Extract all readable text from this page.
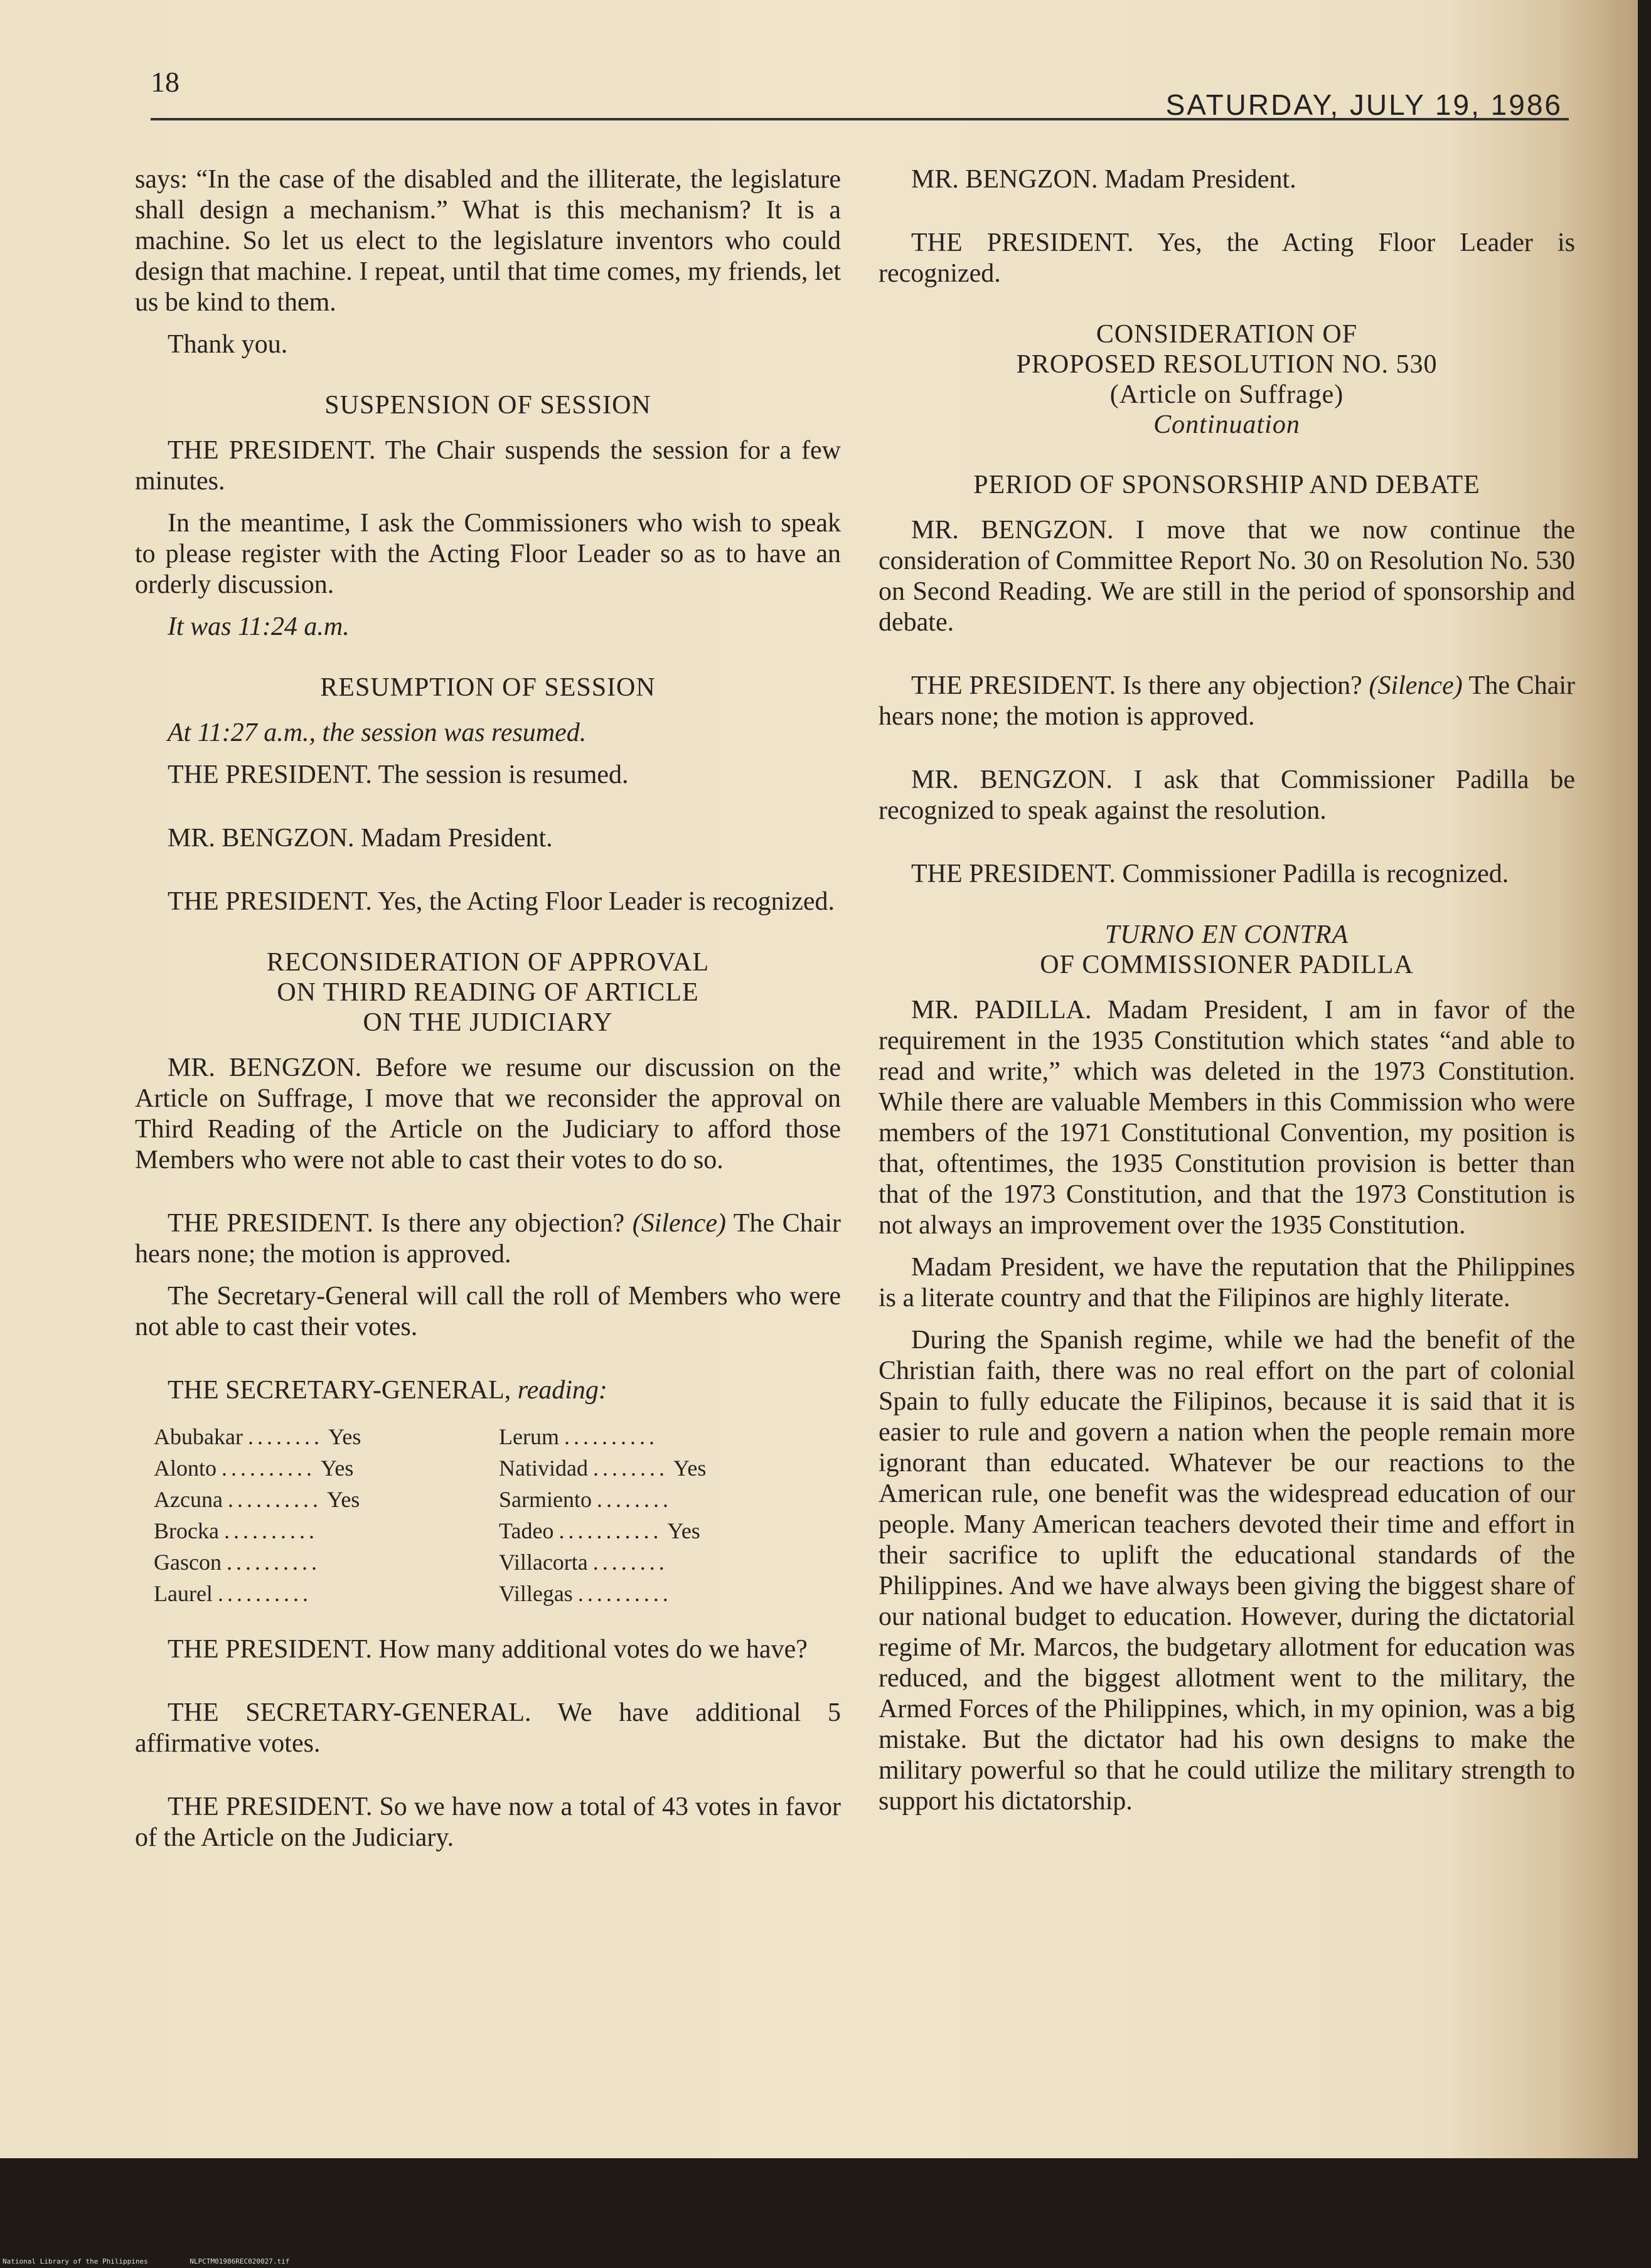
18
SATURDAY, JULY 19, 1986

says: “In the case of the disabled and the illiterate, the legislature shall design a mechanism.” What is this mechanism? It is a machine. So let us elect to the legislature inventors who could design that machine. I repeat, until that time comes, my friends, let us be kind to them.

Thank you.

SUSPENSION OF SESSION

THE PRESIDENT. The Chair suspends the session for a few minutes.

In the meantime, I ask the Commissioners who wish to speak to please register with the Acting Floor Leader so as to have an orderly discussion.

It was 11:24 a.m.

RESUMPTION OF SESSION

At 11:27 a.m., the session was resumed.

THE PRESIDENT. The session is resumed.

MR. BENGZON. Madam President.

THE PRESIDENT. Yes, the Acting Floor Leader is recognized.

RECONSIDERATION OF APPROVAL
ON THIRD READING OF ARTICLE
ON THE JUDICIARY

MR. BENGZON. Before we resume our discussion on the Article on Suffrage, I move that we reconsider the approval on Third Reading of the Article on the Judiciary to afford those Members who were not able to cast their votes to do so.

THE PRESIDENT. Is there any objection? (Silence) The Chair hears none; the motion is approved.

The Secretary-General will call the roll of Members who were not able to cast their votes.

THE SECRETARY-GENERAL, reading:

Abubakar ........ Yes
Alonto .......... Yes
Azcuna .......... Yes
Brocka ..........
Gascon ..........
Laurel ..........
Lerum ..........
Natividad ........ Yes
Sarmiento ........
Tadeo ........... Yes
Villacorta ........
Villegas ..........

THE PRESIDENT. How many additional votes do we have?

THE SECRETARY-GENERAL. We have additional 5 affirmative votes.

THE PRESIDENT. So we have now a total of 43 votes in favor of the Article on the Judiciary.

MR. BENGZON. Madam President.

THE PRESIDENT. Yes, the Acting Floor Leader is recognized.

CONSIDERATION OF
PROPOSED RESOLUTION NO. 530
(Article on Suffrage)
Continuation
PERIOD OF SPONSORSHIP AND DEBATE

MR. BENGZON. I move that we now continue the consideration of Committee Report No. 30 on Resolution No. 530 on Second Reading. We are still in the period of sponsorship and debate.

THE PRESIDENT. Is there any objection? (Silence) The Chair hears none; the motion is approved.

MR. BENGZON. I ask that Commissioner Padilla be recognized to speak against the resolution.

THE PRESIDENT. Commissioner Padilla is recognized.

TURNO EN CONTRA
OF COMMISSIONER PADILLA

MR. PADILLA. Madam President, I am in favor of the requirement in the 1935 Constitution which states “and able to read and write,” which was deleted in the 1973 Constitution. While there are valuable Members in this Commission who were members of the 1971 Constitutional Convention, my position is that, oftentimes, the 1935 Constitution provision is better than that of the 1973 Constitution, and that the 1973 Constitution is not always an improvement over the 1935 Constitution.

Madam President, we have the reputation that the Philippines is a literate country and that the Filipinos are highly literate.

During the Spanish regime, while we had the benefit of the Christian faith, there was no real effort on the part of colonial Spain to fully educate the Filipinos, because it is said that it is easier to rule and govern a nation when the people remain more ignorant than educated. Whatever be our reactions to the American rule, one benefit was the widespread education of our people. Many American teachers devoted their time and effort in their sacrifice to uplift the educational standards of the Philippines. And we have always been giving the biggest share of our national budget to education. However, during the dictatorial regime of Mr. Marcos, the budgetary allotment for education was reduced, and the biggest allotment went to the military, the Armed Forces of the Philippines, which, in my opinion, was a big mistake. But the dictator had his own designs to make the military powerful so that he could utilize the military strength to support his dictatorship.

National Library of the Philippines	NLPCTM01986REC020027.tif
